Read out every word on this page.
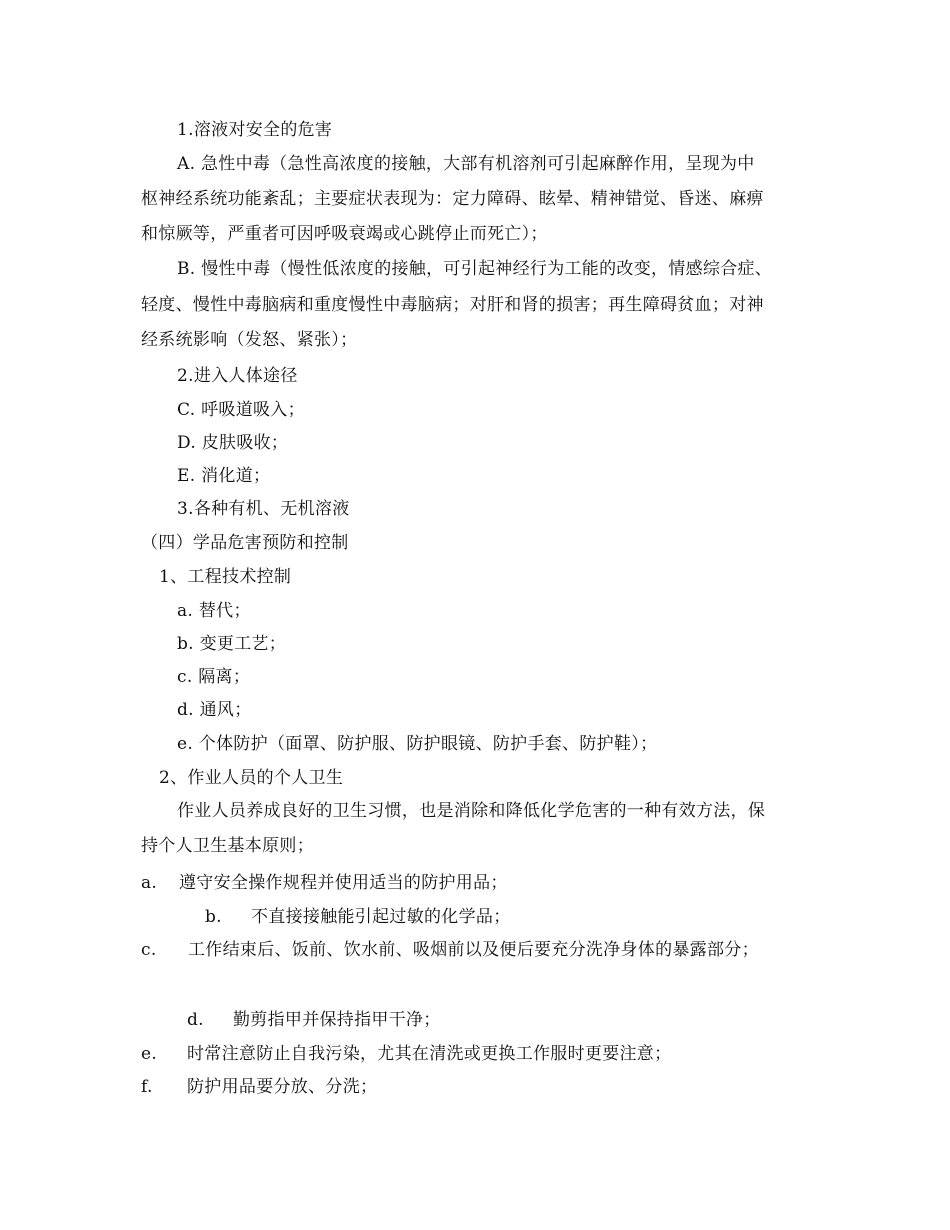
1.溶液对安全的危害
A. 急性中毒（急性高浓度的接触，大部有机溶剂可引起麻醉作用，呈现为中
枢神经系统功能紊乱；主要症状表现为：定力障碍、眩晕、精神错觉、昏迷、麻痹
和惊厥等，严重者可因呼吸衰竭或心跳停止而死亡）；
B. 慢性中毒（慢性低浓度的接触，可引起神经行为工能的改变，情感综合症、
轻度、慢性中毒脑病和重度慢性中毒脑病；对肝和肾的损害；再生障碍贫血；对神
经系统影响（发怒、紧张）；
2.进入人体途径
C. 呼吸道吸入；
D. 皮肤吸收；
E. 消化道；
3.各种有机、无机溶液
（四）学品危害预防和控制
1、工程技术控制
a. 替代；
b. 变更工艺；
c. 隔离；
d. 通风；
e. 个体防护（面罩、防护服、防护眼镜、防护手套、防护鞋）；
2、作业人员的个人卫生
作业人员养成良好的卫生习惯，也是消除和降低化学危害的一种有效方法，保
持个人卫生基本原则；
a. 遵守安全操作规程并使用适当的防护用品；
b. 不直接接触能引起过敏的化学品；
c. 工作结束后、饭前、饮水前、吸烟前以及便后要充分洗净身体的暴露部分；
d. 勤剪指甲并保持指甲干净；
e. 时常注意防止自我污染，尤其在清洗或更换工作服时更要注意；
f. 防护用品要分放、分洗；
